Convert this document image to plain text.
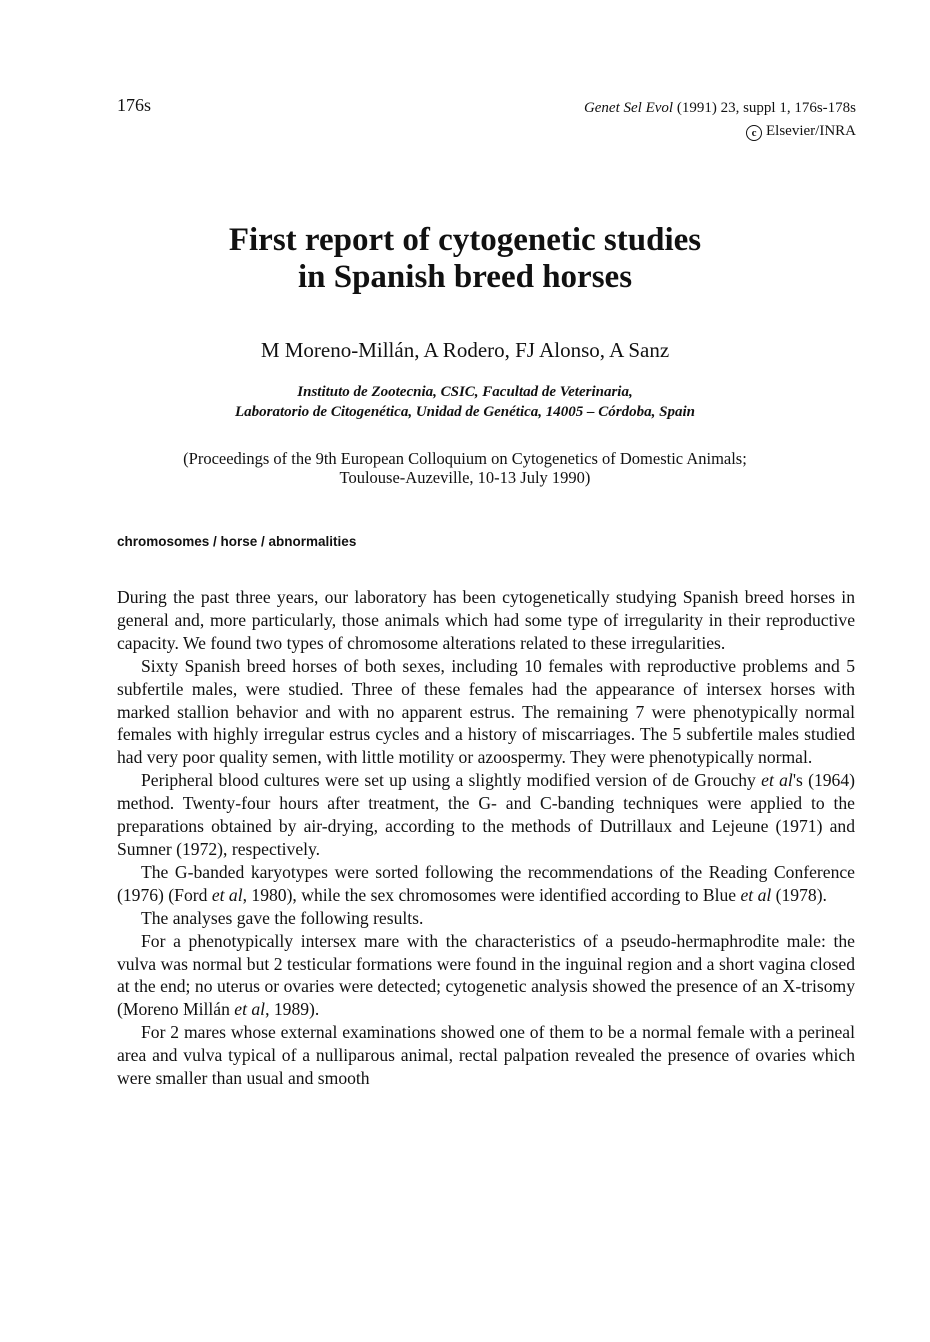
176s	Genet Sel Evol (1991) 23, suppl 1, 176s-178s
c Elsevier/INRA
First report of cytogenetic studies
in Spanish breed horses
M Moreno-Millán, A Rodero, FJ Alonso, A Sanz
Instituto de Zootecnia, CSIC, Facultad de Veterinaria,
Laboratorio de Citogenética, Unidad de Genética, 14005 – Córdoba, Spain
(Proceedings of the 9th European Colloquium on Cytogenetics of Domestic Animals;
Toulouse-Auzeville, 10-13 July 1990)
chromosomes / horse / abnormalities

During the past three years, our laboratory has been cytogenetically studying Spanish breed horses in general and, more particularly, those animals which had some type of irregularity in their reproductive capacity. We found two types of chromosome alterations related to these irregularities.

Sixty Spanish breed horses of both sexes, including 10 females with reproductive problems and 5 subfertile males, were studied. Three of these females had the appearance of intersex horses with marked stallion behavior and with no apparent estrus. The remaining 7 were phenotypically normal females with highly irregular estrus cycles and a history of miscarriages. The 5 subfertile males studied had very poor quality semen, with little motility or azoospermy. They were phenotypically normal.

Peripheral blood cultures were set up using a slightly modified version of de Grouchy et al's (1964) method. Twenty-four hours after treatment, the G- and C-banding techniques were applied to the preparations obtained by air-drying, according to the methods of Dutrillaux and Lejeune (1971) and Sumner (1972), respectively.

The G-banded karyotypes were sorted following the recommendations of the Reading Conference (1976) (Ford et al, 1980), while the sex chromosomes were identified according to Blue et al (1978).

The analyses gave the following results.

For a phenotypically intersex mare with the characteristics of a pseudo-hermaphrodite male: the vulva was normal but 2 testicular formations were found in the inguinal region and a short vagina closed at the end; no uterus or ovaries were detected; cytogenetic analysis showed the presence of an X-trisomy (Moreno Millán et al, 1989).

For 2 mares whose external examinations showed one of them to be a normal female with a perineal area and vulva typical of a nulliparous animal, rectal palpation revealed the presence of ovaries which were smaller than usual and smooth
